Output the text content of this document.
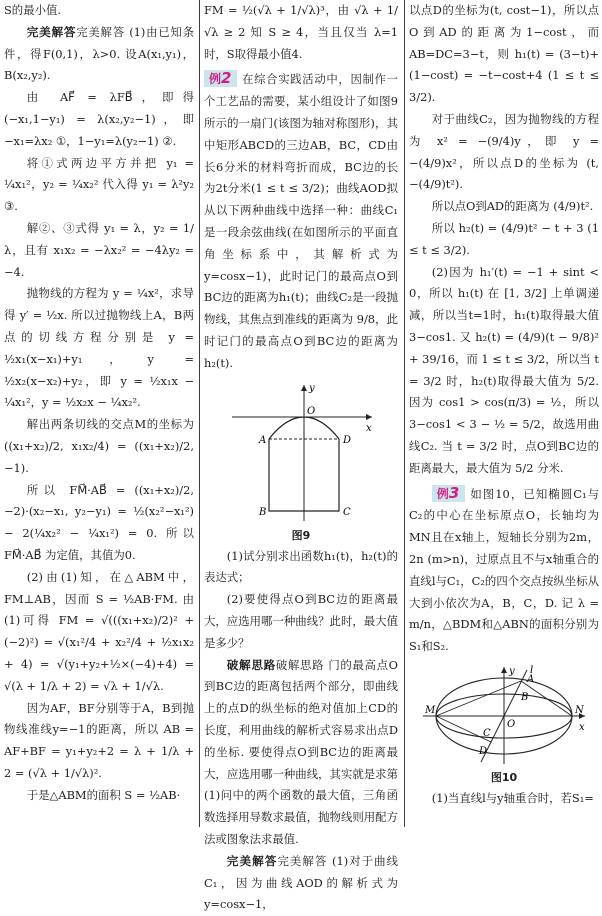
S的最小值.

完美解答完美解答 (1)由已知条件，得F(0,1)，λ>0. 设A(x₁,y₁)，B(x₂,y₂).

由 AF⃗ = λFB⃗，即得 (−x₁,1−y₁) = λ(x₂,y₂−1)，即 −x₁=λx₂ ①，1−y₁=λ(y₂−1) ②.

将①式两边平方并把 y₁ = ¼x₁²，y₂ = ¼x₂² 代入得 y₁ = λ²y₂ ③.

解②、③式得 y₁ = λ，y₂ = 1/λ，且有 x₁x₂ = −λx₂² = −4λy₂ = −4.

抛物线的方程为 y = ¼x²，求导得 y′ = ½x. 所以过抛物线上A，B两点的切线方程分别是 y = ½x₁(x−x₁)+y₁，y = ½x₂(x−x₂)+y₂，即 y = ½x₁x − ¼x₁²，y = ½x₂x − ¼x₂².

解出两条切线的交点M的坐标为 ((x₁+x₂)/2, x₁x₂/4) = ((x₁+x₂)/2, −1).

所以 FM⃗·AB⃗ = ((x₁+x₂)/2, −2)·(x₂−x₁, y₂−y₁) = ½(x₂²−x₁²) − 2(¼x₂² − ¼x₁²) = 0. 所以 FM⃗·AB⃗ 为定值，其值为0.

(2)由(1)知，在△ABM中，FM⊥AB，因而 S = ½AB·FM. 由(1)可得 FM = √(((x₁+x₂)/2)² + (−2)²) = √(x₁²/4 + x₂²/4 + ½x₁x₂ + 4) = √(y₁+y₂+½×(−4)+4) = √(λ + 1/λ + 2) = √λ + 1/√λ.

因为AF，BF分别等于A，B到抛物线准线y=−1的距离，所以 AB = AF+BF = y₁+y₂+2 = λ + 1/λ + 2 = (√λ + 1/√λ)².

于是△ABM的面积 S = ½AB·

FM = ½(√λ + 1/√λ)³，由 √λ + 1/√λ ≥ 2 知 S ≥ 4，当且仅当 λ=1 时，S取得最小值4.

例2 在综合实践活动中，因制作一个工艺品的需要，某小组设计了如图9所示的一扇门(该图为轴对称图形)，其中矩形ABCD的三边AB，BC，CD由长6分米的材料弯折而成，BC边的长为2t分米(1 ≤ t ≤ 3/2)；曲线AOD拟从以下两种曲线中选择一种：曲线C₁是一段余弦曲线(在如图所示的平面直角坐标系中，其解析式为 y=cosx−1)，此时记门的最高点O到BC边的距离为h₁(t)；曲线C₂是一段抛物线，其焦点到准线的距离为 9/8，此时记门的最高点O到BC边的距离为h₂(t).

x
y
O
A
B	C
D
图9

(1)试分别求出函数h₁(t)，h₂(t)的表达式；

(2)要使得点O到BC边的距离最大，应选用哪一种曲线？此时，最大值是多少？

破解思路破解思路 门的最高点O到BC边的距离包括两个部分，即曲线上的点D的纵坐标的绝对值加上CD的长度，利用曲线的解析式容易求出点D的坐标. 要使得点O到BC边的距离最大，应选用哪一种曲线，其实就是求第(1)问中的两个函数的最大值，三角函数选择用导数求最值，抛物线则用配方法或图象法求最值.

完美解答完美解答 (1)对于曲线C₁，因为曲线AOD的解析式为 y=cosx−1，

以点D的坐标为(t, cost−1)，所以点O到AD的距离为1−cost，而AB=DC=3−t，则 h₁(t) = (3−t)+(1−cost) = −t−cost+4 (1 ≤ t ≤ 3/2).

对于曲线C₂，因为抛物线的方程为 x² = −(9/4)y，即 y = −(4/9)x²，所以点D的坐标为 (t, −(4/9)t²).

所以点O到AD的距离为 (4/9)t².

所以 h₂(t) = (4/9)t² − t + 3 (1 ≤ t ≤ 3/2).

(2)因为 h₁′(t) = −1 + sint < 0，所以 h₁(t) 在 [1, 3/2] 上单调递减，所以当t=1时，h₁(t)取得最大值3−cos1. 又 h₂(t) = (4/9)(t − 9/8)² + 39/16，而 1 ≤ t ≤ 3/2，所以当 t = 3/2 时，h₂(t)取得最大值为 5/2. 因为 cos1 > cos(π/3) = ½，所以 3−cos1 < 3 − ½ = 5/2，故选用曲线C₂. 当 t = 3/2 时，点O到BC边的距离最大，最大值为 5/2 分米.

例3 如图10，已知椭圆C₁与C₂的中心在坐标原点O，长轴均为MN且在x轴上，短轴长分别为2m，2n (m>n)，过原点且不与x轴重合的直线l与C₁，C₂的四个交点按纵坐标从大到小依次为A，B，C，D. 记 λ = m/n，△BDM和△ABN的面积分别为S₁和S₂.

x
y
O
M	N
A
B
C
D
l
图10

(1)当直线l与y轴重合时，若S₁=
